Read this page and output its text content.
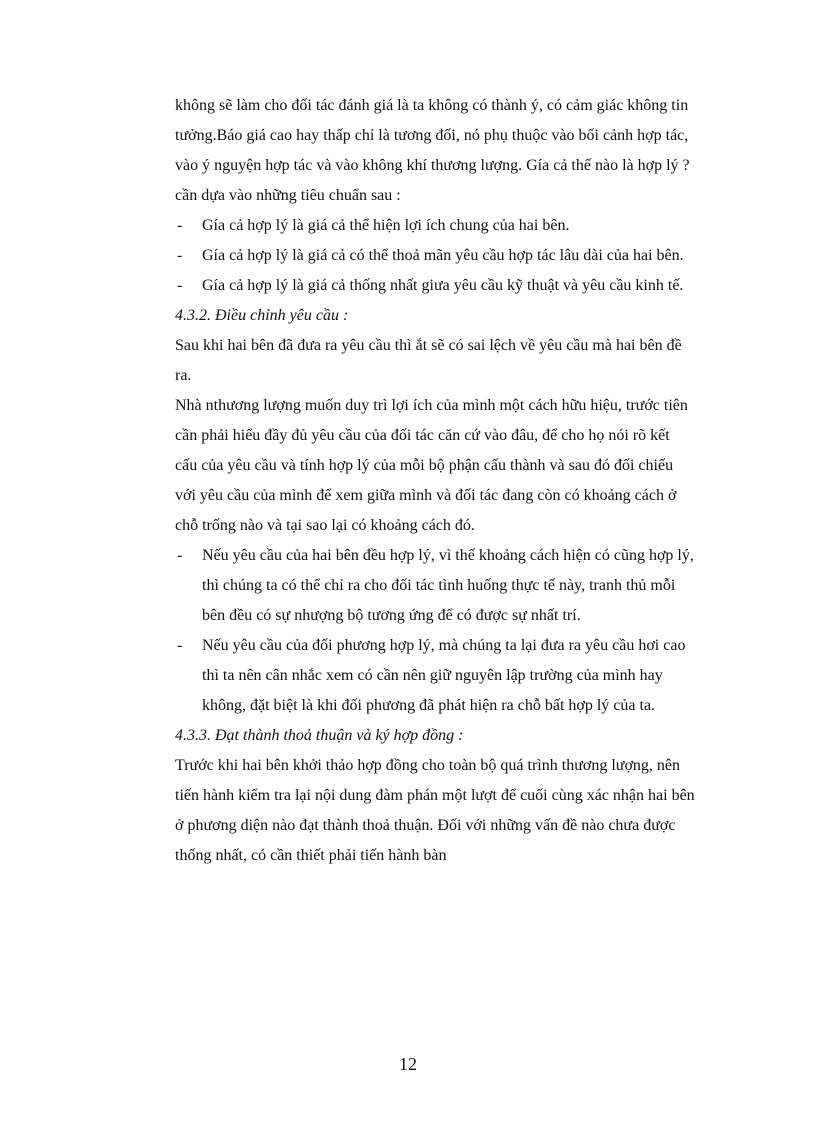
không sẽ làm cho đối tác đánh giá là ta không có thành ý, có cảm giác không tin tưởng.Báo giá cao hay thấp chỉ là tương đối, nó phụ thuộc vào bối cảnh hợp tác, vào ý nguyện hợp tác và vào không khí thương lượng. Gía cả thế nào là hợp lý ? cần dựa vào những tiêu chuẩn sau :

- Gía cả hợp lý là giá cả thể hiện lợi ích chung của hai bên.
- Gía cả hợp lý là giá cả có thể thoả mãn yêu cầu hợp tác lâu dài của hai bên.
- Gía cả hợp lý là giá cả thống nhất giưa yêu cầu kỹ thuật và yêu cầu kinh tế.

4.3.2. Điều chỉnh yêu cầu :

Sau khi hai bên đã đưa ra yêu cầu thì ắt sẽ có sai lệch về yêu cầu mà hai bên đề ra.

Nhà nthương lượng muốn duy trì lợi ích của mình một cách hữu hiệu, trước tiên cần phải hiểu đầy đủ yêu cầu của đối tác căn cứ vào đâu, để cho họ nói rõ kết cấu của yêu cầu và tính hợp lý của mỗi bộ phận cấu thành và sau đó đối chiếu với yêu cầu của mình để xem giữa mình và đối tác đang còn có khoảng cách ở chỗ trống nào và tại sao lại có khoảng cách đó.

- Nếu yêu cầu của hai bên đều hợp lý, vì thế khoảng cách hiện có cũng hợp lý, thì chúng ta có thể chỉ ra cho đối tác tình huống thực tế này, tranh thủ mỗi bên đều có sự nhượng bộ tương ứng để có được sự nhất trí.
- Nếu yêu cầu của đối phương hợp lý, mà chúng ta lại đưa ra yêu cầu hơi cao thì ta nên cân nhắc xem có cần nên giữ nguyên lập trường của mình hay không, đặt biệt là khi đối phương đã phát hiện ra chỗ bất hợp lý của ta.

4.3.3. Đạt thành thoả thuận và ký hợp đồng :

Trước khi hai bên khởi thảo hợp đồng cho toàn bộ quá trình thương lượng, nên tiến hành kiểm tra lại nội dung đàm phán một lượt để cuối cùng xác nhận hai bên ở phương diện nào đạt thành thoả thuận. Đối với những vấn đề nào chưa được thống nhất, có cần thiết phải tiến hành bàn

12
